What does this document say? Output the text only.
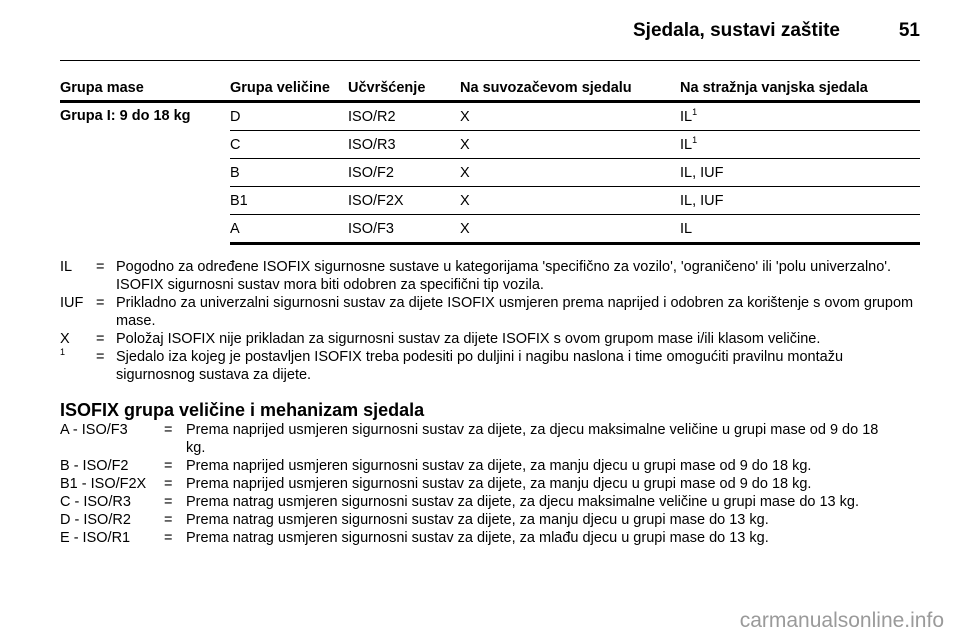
Sjedala, sustavi zaštite	51
Grupa mase	Grupa veličine	Učvršćenje	Na suvozačevom sjedalu	Na stražnja vanjska sjedala
Grupa I: 9 do 18 kg	D	ISO/R2	X	$IL^1$
	C	ISO/R3	X	$IL^1$
	B	ISO/F2	X	IL, IUF
	B1	ISO/F2X	X	IL, IUF
	A	ISO/F3	X	IL
IL	= Pogodno za određene ISOFIX sigurnosne sustave u kategorijama 'specifično za vozilo', 'ograničeno' ili 'polu univerzalno'. ISOFIX sigurnosni sustav mora biti odobren za specifični tip vozila.
IUF = Prikladno za univerzalni sigurnosni sustav za dijete ISOFIX usmjeren prema naprijed i odobren za korištenje s ovom grupom mase.
X	= Položaj ISOFIX nije prikladan za sigurnosni sustav za dijete ISOFIX s ovom grupom mase i/ili klasom veličine.
$^1$	= Sjedalo iza kojeg je postavljen ISOFIX treba podesiti po duljini i nagibu naslona i time omogućiti pravilnu montažu sigurnosnog sustava za dijete.
ISOFIX grupa veličine i mehanizam sjedala
A - ISO/F3	= Prema naprijed usmjeren sigurnosni sustav za dijete, za djecu maksimalne veličine u grupi mase od 9 do 18 kg.
B - ISO/F2	= Prema naprijed usmjeren sigurnosni sustav za dijete, za manju djecu u grupi mase od 9 do 18 kg.
B1 - ISO/F2X	= Prema naprijed usmjeren sigurnosni sustav za dijete, za manju djecu u grupi mase od 9 do 18 kg.
C - ISO/R3	= Prema natrag usmjeren sigurnosni sustav za dijete, za djecu maksimalne veličine u grupi mase do 13 kg.
D - ISO/R2	= Prema natrag usmjeren sigurnosni sustav za dijete, za manju djecu u grupi mase do 13 kg.
E - ISO/R1	= Prema natrag usmjeren sigurnosni sustav za dijete, za mlađu djecu u grupi mase do 13 kg.
carmanualsonline.info
